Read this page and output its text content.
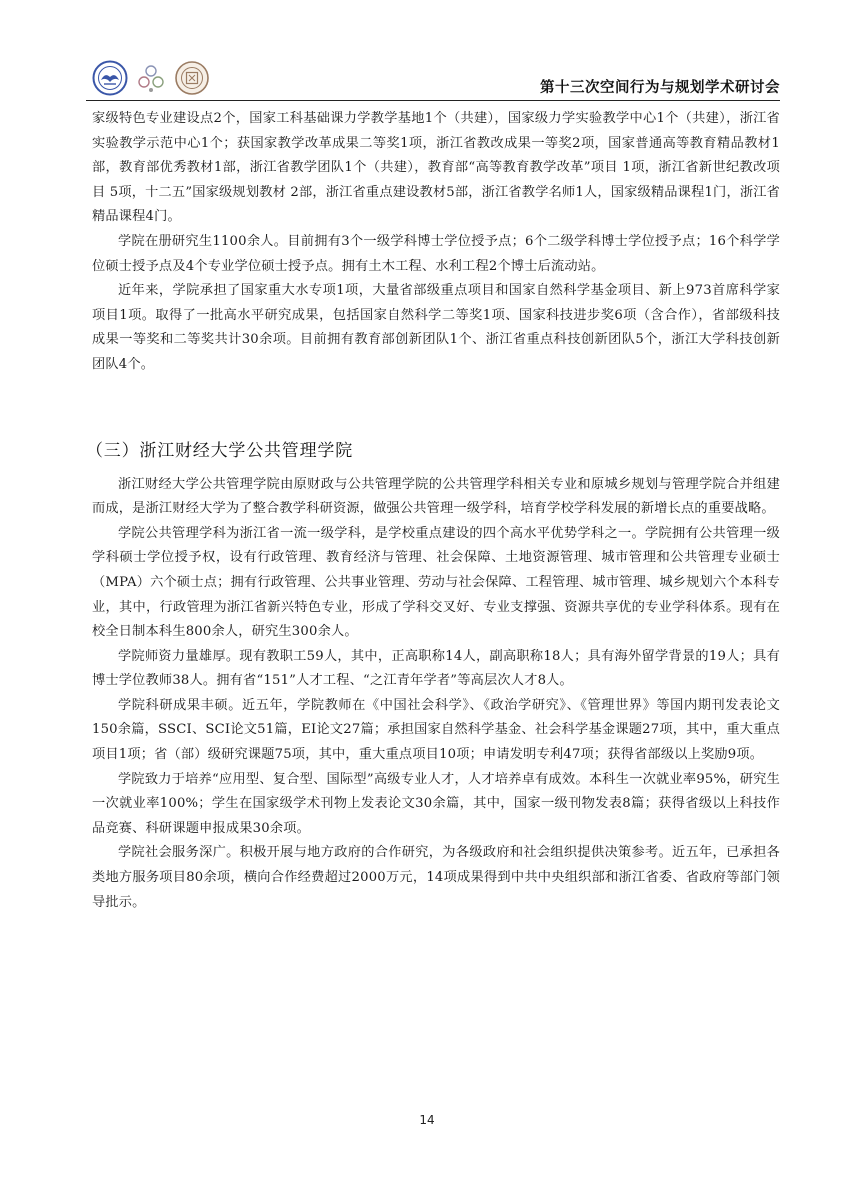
第十三次空间行为与规划学术研讨会

家级特色专业建设点2个，国家工科基础课力学教学基地1个（共建），国家级力学实验教学中心1个（共建），浙江省实验教学示范中心1个；获国家教学改革成果二等奖1项，浙江省教改成果一等奖2项，国家普通高等教育精品教材1部，教育部优秀教材1部，浙江省教学团队1个（共建），教育部“高等教育教学改革”项目 1项，浙江省新世纪教改项目 5项，十二五”国家级规划教材 2部，浙江省重点建设教材5部，浙江省教学名师1人，国家级精品课程1门，浙江省精品课程4门。

学院在册研究生1100余人。目前拥有3个一级学科博士学位授予点；6个二级学科博士学位授予点；16个科学学位硕士授予点及4个专业学位硕士授予点。拥有土木工程、水利工程2个博士后流动站。

近年来，学院承担了国家重大水专项1项，大量省部级重点项目和国家自然科学基金项目、新上973首席科学家项目1项。取得了一批高水平研究成果，包括国家自然科学二等奖1项、国家科技进步奖6项（含合作），省部级科技成果一等奖和二等奖共计30余项。目前拥有教育部创新团队1个、浙江省重点科技创新团队5个，浙江大学科技创新团队4个。

（三）浙江财经大学公共管理学院

浙江财经大学公共管理学院由原财政与公共管理学院的公共管理学科相关专业和原城乡规划与管理学院合并组建而成，是浙江财经大学为了整合教学科研资源，做强公共管理一级学科，培育学校学科发展的新增长点的重要战略。

学院公共管理学科为浙江省一流一级学科，是学校重点建设的四个高水平优势学科之一。学院拥有公共管理一级学科硕士学位授予权，设有行政管理、教育经济与管理、社会保障、土地资源管理、城市管理和公共管理专业硕士（MPA）六个硕士点；拥有行政管理、公共事业管理、劳动与社会保障、工程管理、城市管理、城乡规划六个本科专业，其中，行政管理为浙江省新兴特色专业，形成了学科交叉好、专业支撑强、资源共享优的专业学科体系。现有在校全日制本科生800余人，研究生300余人。

学院师资力量雄厚。现有教职工59人，其中，正高职称14人，副高职称18人；具有海外留学背景的19人；具有博士学位教师38人。拥有省“151”人才工程、“之江青年学者”等高层次人才8人。

学院科研成果丰硕。近五年，学院教师在《中国社会科学》、《政治学研究》、《管理世界》等国内期刊发表论文150余篇，SSCI、SCI论文51篇，EI论文27篇；承担国家自然科学基金、社会科学基金课题27项，其中，重大重点项目1项；省（部）级研究课题75项，其中，重大重点项目10项；申请发明专利47项；获得省部级以上奖励9项。

学院致力于培养“应用型、复合型、国际型”高级专业人才，人才培养卓有成效。本科生一次就业率95%，研究生一次就业率100%；学生在国家级学术刊物上发表论文30余篇，其中，国家一级刊物发表8篇；获得省级以上科技作品竞赛、科研课题申报成果30余项。

学院社会服务深广。积极开展与地方政府的合作研究，为各级政府和社会组织提供决策参考。近五年，已承担各类地方服务项目80余项，横向合作经费超过2000万元，14项成果得到中共中央组织部和浙江省委、省政府等部门领导批示。

14
